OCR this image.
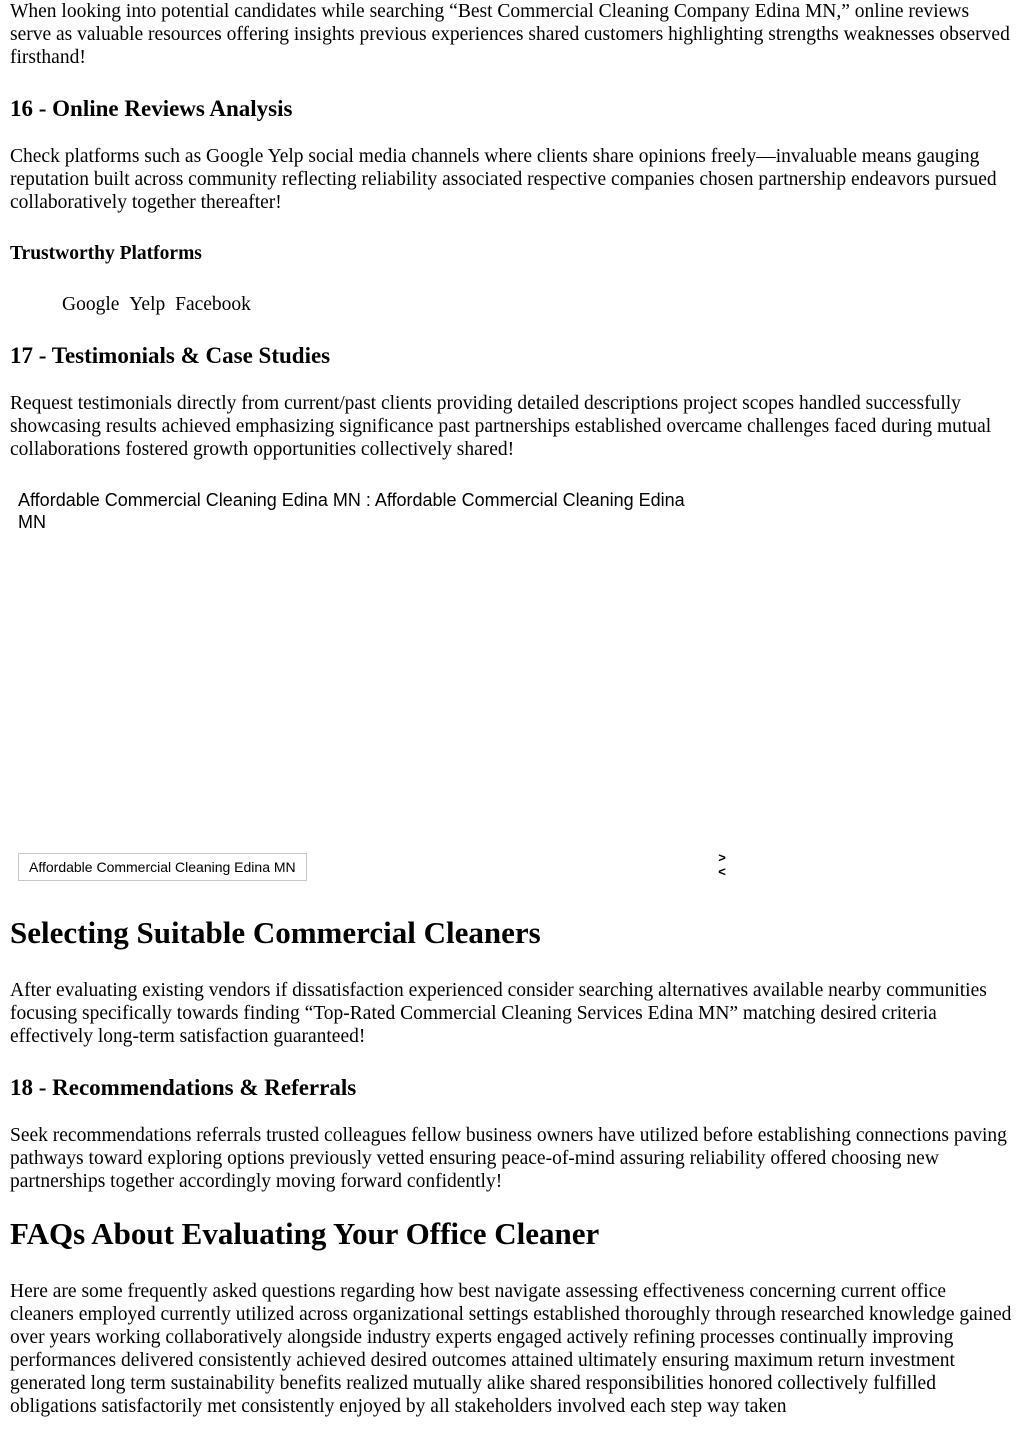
When looking into potential candidates while searching “Best Commercial Cleaning Company Edina MN,” online reviews serve as valuable resources offering insights previous experiences shared customers highlighting strengths weaknesses observed firsthand!

16 - Online Reviews Analysis

Check platforms such as Google Yelp social media channels where clients share opinions freely—invaluable means gauging reputation built across community reflecting reliability associated respective companies chosen partnership endeavors pursued collaboratively together thereafter!

Trustworthy Platforms
Google Yelp Facebook
17 - Testimonials & Case Studies

Request testimonials directly from current/past clients providing detailed descriptions project scopes handled successfully showcasing results achieved emphasizing significance past partnerships established overcame challenges faced during mutual collaborations fostered growth opportunities collectively shared!

Affordable Commercial Cleaning Edina MN : Affordable Commercial Cleaning Edina MN
Affordable Commercial Cleaning Edina MN
>
<
Selecting Suitable Commercial Cleaners

After evaluating existing vendors if dissatisfaction experienced consider searching alternatives available nearby communities focusing specifically towards finding “Top-Rated Commercial Cleaning Services Edina MN” matching desired criteria effectively long-term satisfaction guaranteed!

18 - Recommendations & Referrals

Seek recommendations referrals trusted colleagues fellow business owners have utilized before establishing connections paving pathways toward exploring options previously vetted ensuring peace-of-mind assuring reliability offered choosing new partnerships together accordingly moving forward confidently!

FAQs About Evaluating Your Office Cleaner

Here are some frequently asked questions regarding how best navigate assessing effectiveness concerning current office cleaners employed currently utilized across organizational settings established thoroughly through researched knowledge gained over years working collaboratively alongside industry experts engaged actively refining processes continually improving performances delivered consistently achieved desired outcomes attained ultimately ensuring maximum return investment generated long term sustainability benefits realized mutually alike shared responsibilities honored collectively fulfilled obligations satisfactorily met consistently enjoyed by all stakeholders involved each step way taken
